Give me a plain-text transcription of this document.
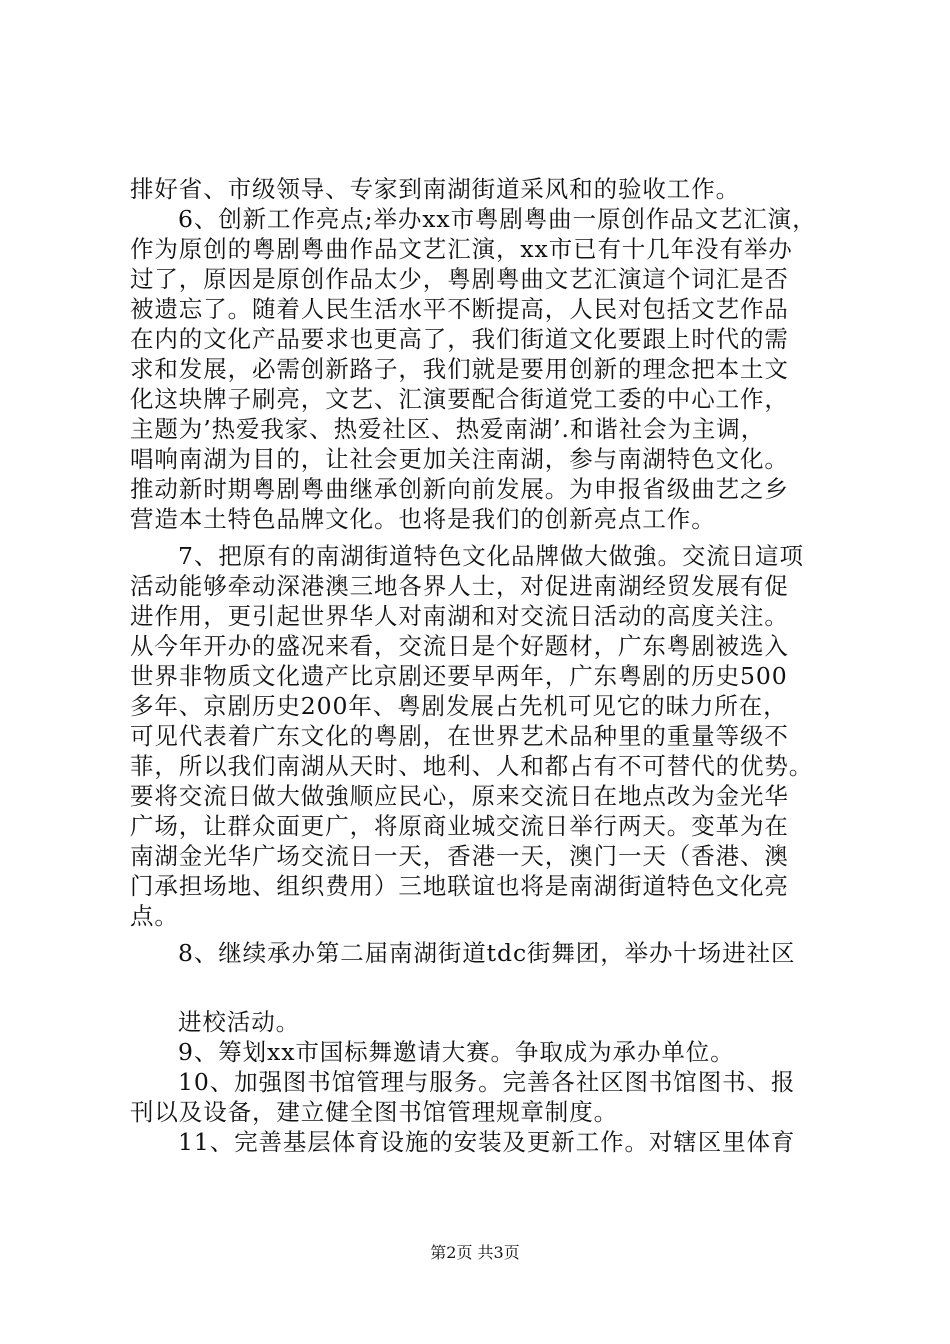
排好省、市级领导、专家到南湖街道采风和的验收工作。
6、创新工作亮点;举办xx市粤剧粤曲一原创作品文艺汇演，
作为原创的粤剧粤曲作品文艺汇演，xx市已有十几年没有举办
过了，原因是原创作品太少，粤剧粤曲文艺汇演這个词汇是否
被遗忘了。随着人民生活水平不断提高，人民对包括文艺作品
在内的文化产品要求也更高了，我们街道文化要跟上时代的需
求和发展，必需创新路子，我们就是要用创新的理念把本土文
化这块牌子刷亮，文艺、汇演要配合街道党工委的中心工作，
主题为’热爱我家、热爱社区、热爱南湖’.和谐社会为主调，
唱响南湖为目的，让社会更加关注南湖，参与南湖特色文化。
推动新时期粤剧粤曲继承创新向前发展。为申报省级曲艺之乡
营造本土特色品牌文化。也将是我们的创新亮点工作。
7、把原有的南湖街道特色文化品牌做大做強。交流日這项
活动能够牵动深港澳三地各界人士，对促进南湖经贸发展有促
进作用，更引起世界华人对南湖和对交流日活动的高度关注。
从今年开办的盛况来看，交流日是个好题材，广东粤剧被选入
世界非物质文化遗产比京剧还要早两年，广东粤剧的历史500
多年、京剧历史200年、粤剧发展占先机可见它的昧力所在，
可见代表着广东文化的粤剧，在世界艺术品种里的重量等级不
菲，所以我们南湖从天时、地利、人和都占有不可替代的优势。
要将交流日做大做強顺应民心，原来交流日在地点改为金光华
广场，让群众面更广，将原商业城交流日举行两天。变革为在
南湖金光华广场交流日一天，香港一天，澳门一天（香港、澳
门承担场地、组织费用）三地联谊也将是南湖街道特色文化亮
点。
8、继续承办第二届南湖街道tdc街舞团，举办十场进社区
进校活动。
9、筹划xx市国标舞邀请大赛。争取成为承办单位。
10、加强图书馆管理与服务。完善各社区图书馆图书、报
刊以及设备，建立健全图书馆管理规章制度。
11、完善基层体育设施的安装及更新工作。对辖区里体育
第2页 共3页
